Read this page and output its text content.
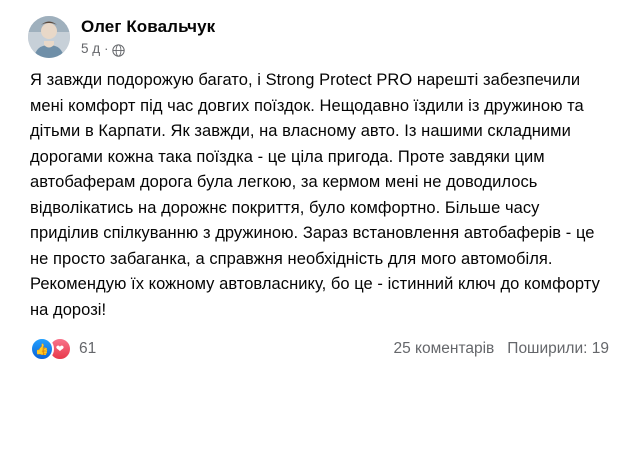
Олег Ковальчук
5 д ·
Я завжди подорожую багато, і Strong Protect PRO нарешті забезпечили мені комфорт під час довгих поїздок. Нещодавно їздили із дружиною та дітьми в Карпати. Як завжди, на власному авто. Із нашими складними дорогами кожна така поїздка - це ціла пригода. Проте завдяки цим автобаферам дорога була легкою, за кермом мені не доводилось відволікатись на дорожнє покриття, було комфортно. Більше часу приділив спілкуванню з дружиною. Зараз встановлення автобаферів - це не просто забаганка, а справжня необхідність для мого автомобіля. Рекомендую їх кожному автовласнику, бо це - істинний ключ до комфорту на дорозі!
👍 ❤ 61	25 коментарів Поширили: 19
